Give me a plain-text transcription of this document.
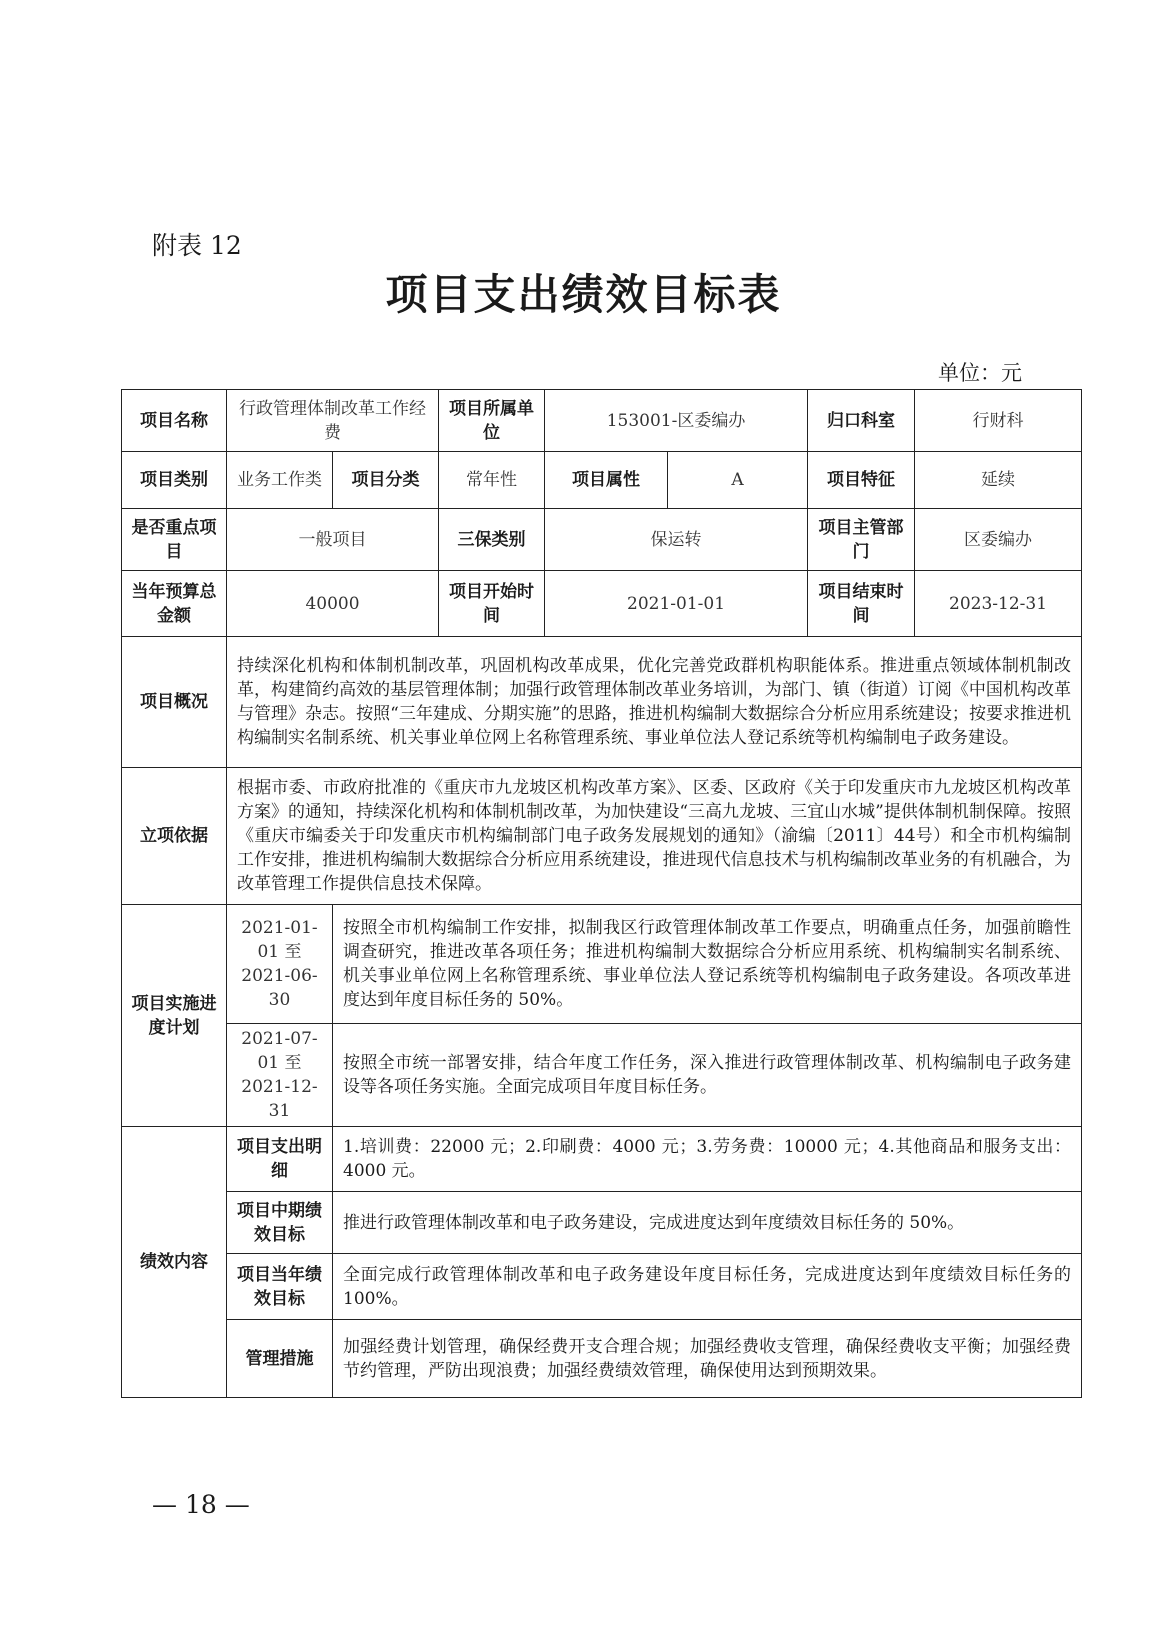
附表 12
项目支出绩效目标表
单位：元
项目名称	行政管理体制改革工作经费		项目所属单位	153001-区委编办		归口科室	行财科
项目类别	业务工作类	项目分类	常年性	项目属性	A	项目特征	延续
是否重点项目	一般项目		三保类别	保运转		项目主管部门	区委编办
当年预算总金额	40000		项目开始时间	2021-01-01		项目结束时间	2023-12-31
项目概况	持续深化机构和体制机制改革，巩固机构改革成果，优化完善党政群机构职能体系。推进重点领域体制机制改革，构建简约高效的基层管理体制；加强行政管理体制改革业务培训，为部门、镇（街道）订阅《中国机构改革与管理》杂志。按照“三年建成、分期实施”的思路，推进机构编制大数据综合分析应用系统建设；按要求推进机构编制实名制系统、机关事业单位网上名称管理系统、事业单位法人登记系统等机构编制电子政务建设。						
立项依据	根据市委、市政府批准的《重庆市九龙坡区机构改革方案》、区委、区政府《关于印发重庆市九龙坡区机构改革方案》的通知，持续深化机构和体制机制改革，为加快建设“三高九龙坡、三宜山水城”提供体制机制保障。按照《重庆市编委关于印发重庆市机构编制部门电子政务发展规划的通知》（渝编〔2011〕44号）和全市机构编制工作安排，推进机构编制大数据综合分析应用系统建设，推进现代信息技术与机构编制改革业务的有机融合，为改革管理工作提供信息技术保障。						
项目实施进度计划	2021-01-01 至 2021-06-30	按照全市机构编制工作安排，拟制我区行政管理体制改革工作要点，明确重点任务，加强前瞻性调查研究，推进改革各项任务；推进机构编制大数据综合分析应用系统、机构编制实名制系统、机关事业单位网上名称管理系统、事业单位法人登记系统等机构编制电子政务建设。各项改革进度达到年度目标任务的 50%。					
	2021-07-01 至 2021-12-31	按照全市统一部署安排，结合年度工作任务，深入推进行政管理体制改革、机构编制电子政务建设等各项任务实施。全面完成项目年度目标任务。					
绩效内容	项目支出明细	1.培训费：22000 元；2.印刷费：4000 元；3.劳务费：10000 元；4.其他商品和服务支出：4000 元。					
	项目中期绩效目标	推进行政管理体制改革和电子政务建设，完成进度达到年度绩效目标任务的 50%。					
	项目当年绩效目标	全面完成行政管理体制改革和电子政务建设年度目标任务，完成进度达到年度绩效目标任务的 100%。					
	管理措施	加强经费计划管理，确保经费开支合理合规；加强经费收支管理，确保经费收支平衡；加强经费节约管理，严防出现浪费；加强经费绩效管理，确保使用达到预期效果。					
— 18 —
